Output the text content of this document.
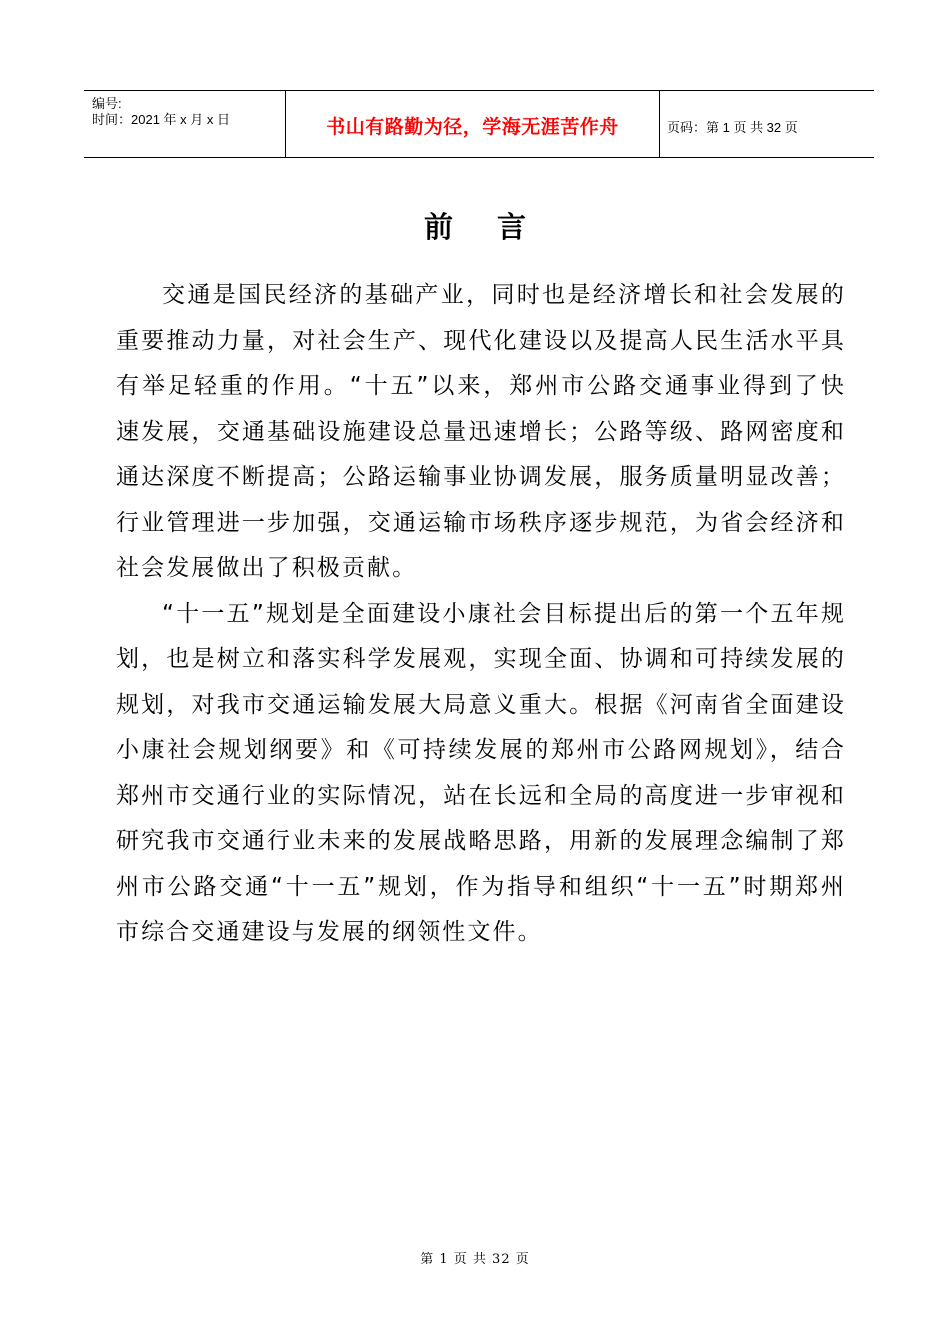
编号:
时间：2021 年 x 月 x 日	书山有路勤为径，学海无涯苦作舟	页码：第 1 页 共 32 页
前言

交通是国民经济的基础产业，同时也是经济增长和社会发展的重要推动力量，对社会生产、现代化建设以及提高人民生活水平具有举足轻重的作用。“十五”以来，郑州市公路交通事业得到了快速发展，交通基础设施建设总量迅速增长；公路等级、路网密度和通达深度不断提高；公路运输事业协调发展，服务质量明显改善；行业管理进一步加强，交通运输市场秩序逐步规范，为省会经济和社会发展做出了积极贡献。

“十一五”规划是全面建设小康社会目标提出后的第一个五年规划，也是树立和落实科学发展观，实现全面、协调和可持续发展的规划，对我市交通运输发展大局意义重大。根据《河南省全面建设小康社会规划纲要》和《可持续发展的郑州市公路网规划》，结合郑州市交通行业的实际情况，站在长远和全局的高度进一步审视和研究我市交通行业未来的发展战略思路，用新的发展理念编制了郑州市公路交通“十一五”规划，作为指导和组织“十一五”时期郑州市综合交通建设与发展的纲领性文件。

第 1 页 共 32 页
